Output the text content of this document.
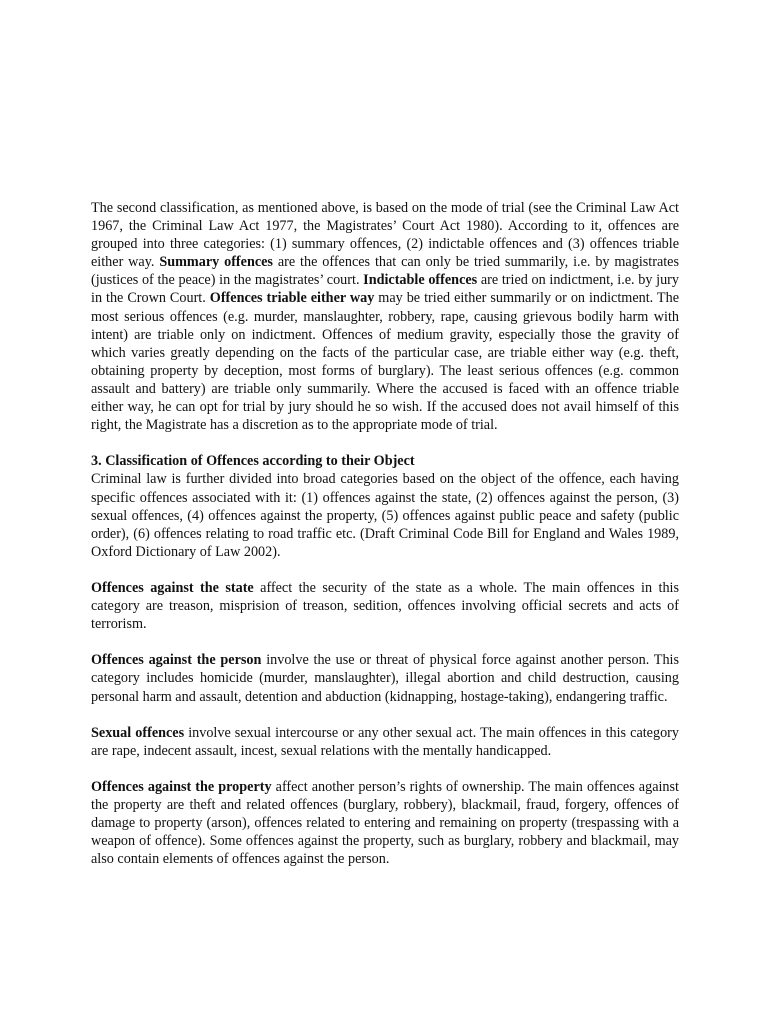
The second classification, as mentioned above, is based on the mode of trial (see the Criminal Law Act 1967, the Criminal Law Act 1977, the Magistrates’ Court Act 1980). According to it, offences are grouped into three categories: (1) summary offences, (2) indictable offences and (3) offences triable either way. Summary offences are the offences that can only be tried summarily, i.e. by magistrates (justices of the peace) in the magistrates’ court. Indictable offences are tried on indictment, i.e. by jury in the Crown Court. Offences triable either way may be tried either summarily or on indictment. The most serious offences (e.g. murder, manslaughter, robbery, rape, causing grievous bodily harm with intent) are triable only on indictment. Offences of medium gravity, especially those the gravity of which varies greatly depending on the facts of the particular case, are triable either way (e.g. theft, obtaining property by deception, most forms of burglary). The least serious offences (e.g. common assault and battery) are triable only summarily. Where the accused is faced with an offence triable either way, he can opt for trial by jury should he so wish. If the accused does not avail himself of this right, the Magistrate has a discretion as to the appropriate mode of trial.

3. Classification of Offences according to their Object

Criminal law is further divided into broad categories based on the object of the offence, each having specific offences associated with it: (1) offences against the state, (2) offences against the person, (3) sexual offences, (4) offences against the property, (5) offences against public peace and safety (public order), (6) offences relating to road traffic etc. (Draft Criminal Code Bill for England and Wales 1989, Oxford Dictionary of Law 2002).

Offences against the state affect the security of the state as a whole. The main offences in this category are treason, misprision of treason, sedition, offences involving official secrets and acts of terrorism.

Offences against the person involve the use or threat of physical force against another person. This category includes homicide (murder, manslaughter), illegal abortion and child destruction, causing personal harm and assault, detention and abduction (kidnapping, hostage-taking), endangering traffic.

Sexual offences involve sexual intercourse or any other sexual act. The main offences in this category are rape, indecent assault, incest, sexual relations with the mentally handicapped.

Offences against the property affect another person’s rights of ownership. The main offences against the property are theft and related offences (burglary, robbery), blackmail, fraud, forgery, offences of damage to property (arson), offences related to entering and remaining on property (trespassing with a weapon of offence). Some offences against the property, such as burglary, robbery and blackmail, may also contain elements of offences against the person.
